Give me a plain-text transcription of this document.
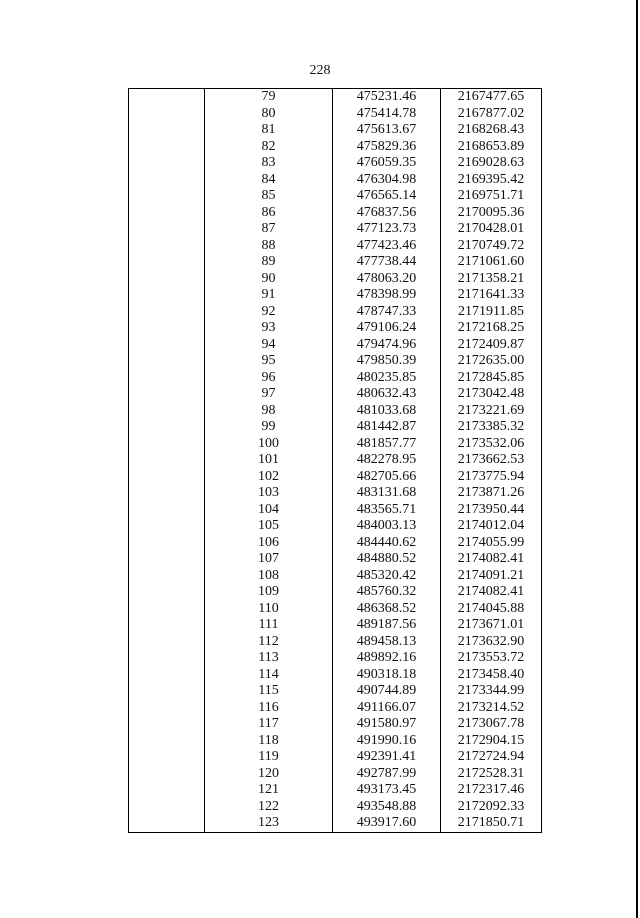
228
	79	475231.46	2167477.65
	80	475414.78	2167877.02
	81	475613.67	2168268.43
	82	475829.36	2168653.89
	83	476059.35	2169028.63
	84	476304.98	2169395.42
	85	476565.14	2169751.71
	86	476837.56	2170095.36
	87	477123.73	2170428.01
	88	477423.46	2170749.72
	89	477738.44	2171061.60
	90	478063.20	2171358.21
	91	478398.99	2171641.33
	92	478747.33	2171911.85
	93	479106.24	2172168.25
	94	479474.96	2172409.87
	95	479850.39	2172635.00
	96	480235.85	2172845.85
	97	480632.43	2173042.48
	98	481033.68	2173221.69
	99	481442.87	2173385.32
	100	481857.77	2173532.06
	101	482278.95	2173662.53
	102	482705.66	2173775.94
	103	483131.68	2173871.26
	104	483565.71	2173950.44
	105	484003.13	2174012.04
	106	484440.62	2174055.99
	107	484880.52	2174082.41
	108	485320.42	2174091.21
	109	485760.32	2174082.41
	110	486368.52	2174045.88
	111	489187.56	2173671.01
	112	489458.13	2173632.90
	113	489892.16	2173553.72
	114	490318.18	2173458.40
	115	490744.89	2173344.99
	116	491166.07	2173214.52
	117	491580.97	2173067.78
	118	491990.16	2172904.15
	119	492391.41	2172724.94
	120	492787.99	2172528.31
	121	493173.45	2172317.46
	122	493548.88	2172092.33
	123	493917.60	2171850.71
